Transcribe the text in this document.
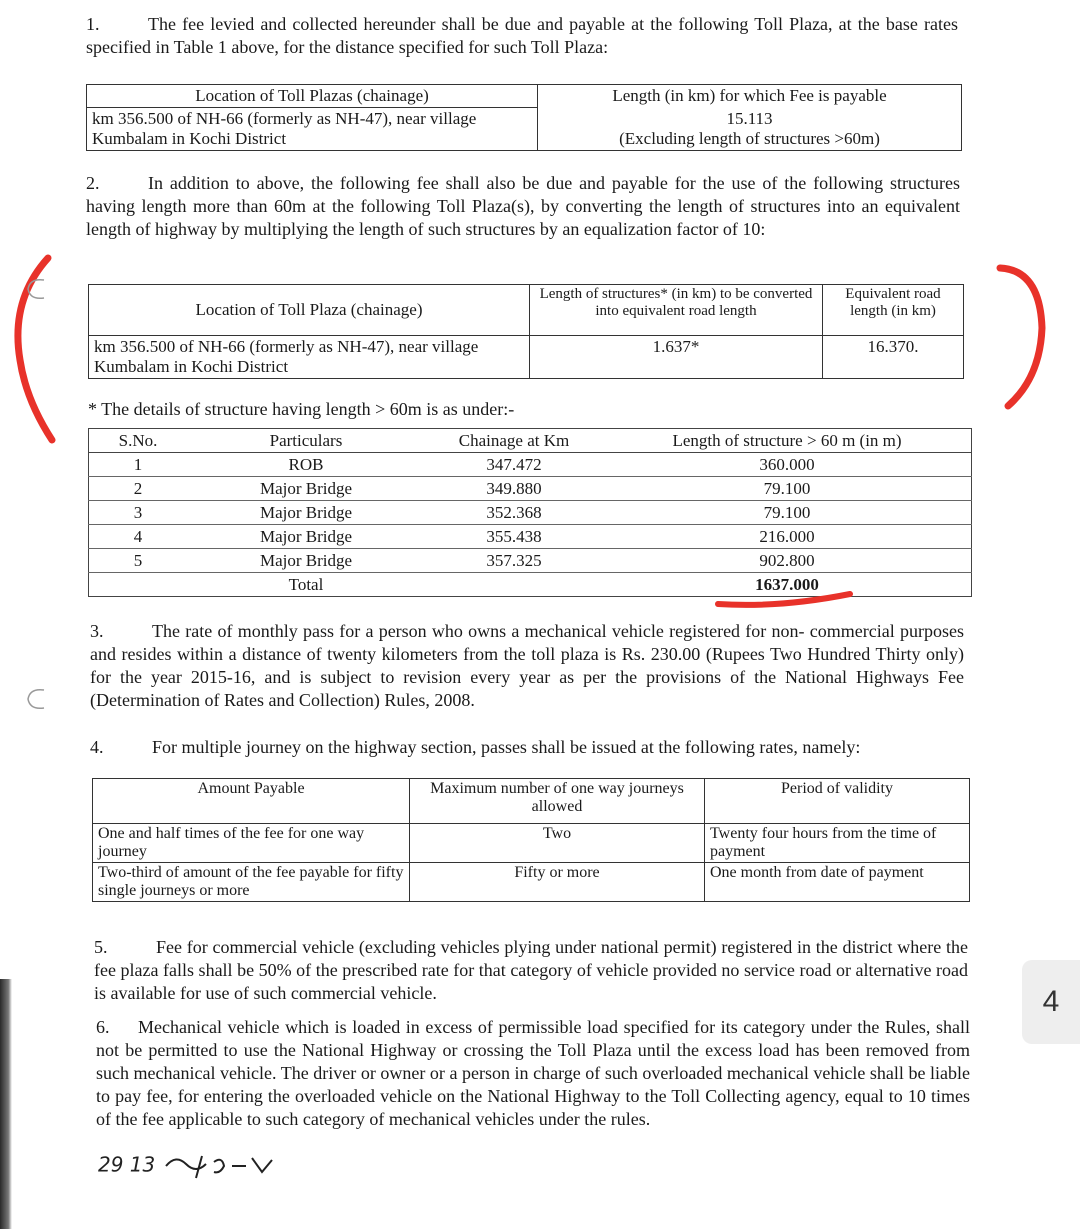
1.	The fee levied and collected hereunder shall be due and payable at the following Toll Plaza, at the base rates specified in Table 1 above, for the distance specified for such Toll Plaza:
Location of Toll Plazas (chainage)	Length (in km) for which Fee is payable
km 356.500 of NH-66 (formerly as NH-47), near village Kumbalam in Kochi District	15.113
(Excluding length of structures >60m)
2.	In addition to above, the following fee shall also be due and payable for the use of the following structures having length more than 60m at the following Toll Plaza(s), by converting the length of structures into an equivalent length of highway by multiplying the length of such structures by an equalization factor of 10:
Location of Toll Plaza (chainage)	Length of structures* (in km) to be converted into equivalent road length	Equivalent road length (in km)
km 356.500 of NH-66 (formerly as NH-47), near village Kumbalam in Kochi District	1.637*	16.370.
* The details of structure having length > 60m is as under:-
S.No.	Particulars	Chainage at Km	Length of structure > 60 m (in m)
1	ROB	347.472	360.000
2	Major Bridge	349.880	79.100
3	Major Bridge	352.368	79.100
4	Major Bridge	355.438	216.000
5	Major Bridge	357.325	902.800
	Total		1637.000
3.	The rate of monthly pass for a person who owns a mechanical vehicle registered for non- commercial purposes and resides within a distance of twenty kilometers from the toll plaza is Rs. 230.00 (Rupees Two Hundred Thirty only) for the year 2015-16, and is subject to revision every year as per the provisions of the National Highways Fee (Determination of Rates and Collection) Rules, 2008.
4.	For multiple journey on the highway section, passes shall be issued at the following rates, namely:
Amount Payable	Maximum number of one way journeys allowed	Period of validity
One and half times of the fee for one way journey	Two	Twenty four hours from the time of payment
Two-third of amount of the fee payable for fifty single journeys or more	Fifty or more	One month from date of payment
5.	Fee for commercial vehicle (excluding vehicles plying under national permit) registered in the district where the fee plaza falls shall be 50% of the prescribed rate for that category of vehicle provided no service road or alternative road is available for use of such commercial vehicle.
6. Mechanical vehicle which is loaded in excess of permissible load specified for its category under the Rules, shall not be permitted to use the National Highway or crossing the Toll Plaza until the excess load has been removed from such mechanical vehicle. The driver or owner or a person in charge of such overloaded mechanical vehicle shall be liable to pay fee, for entering the overloaded vehicle on the National Highway to the Toll Collecting agency, equal to 10 times of the fee applicable to such category of mechanical vehicles under the rules.
29 13
4
